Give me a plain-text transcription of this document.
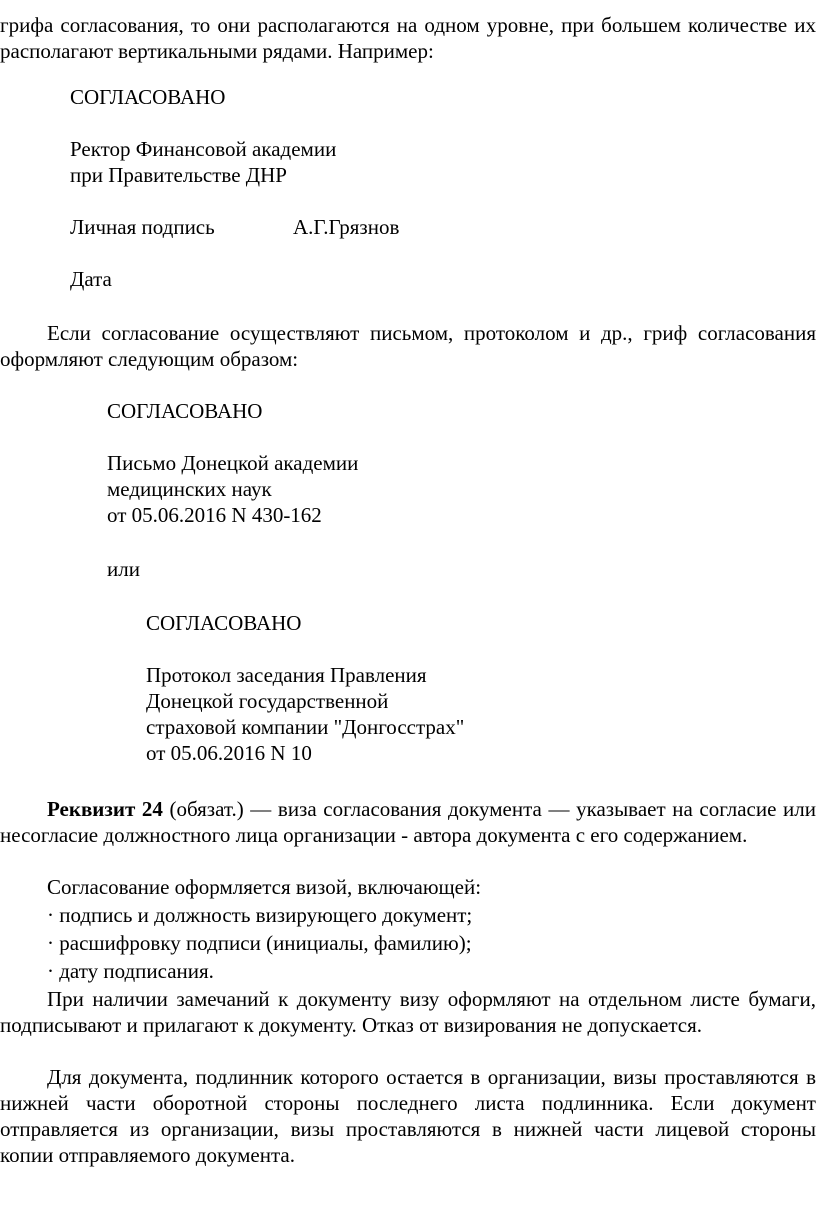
грифа согласования, то они располагаются на одном уровне, при большем количестве их располагают вертикальными рядами. Например:
СОГЛАСОВАНО
Ректор Финансовой академии
при Правительстве ДНР
Личная подпись	А.Г.Грязнов
Дата
Если согласование осуществляют письмом, протоколом и др., гриф согласования оформляют следующим образом:
СОГЛАСОВАНО
Письмо Донецкой академии
медицинских наук
от 05.06.2016 N 430-162
или
СОГЛАСОВАНО
Протокол заседания Правления
Донецкой государственной
страховой компании "Донгосстрах"
от 05.06.2016 N 10
Реквизит 24 (обязат.) — виза согласования документа — указывает на согласие или несогласие должностного лица организации - автора документа с его содержанием.
Согласование оформляется визой, включающей:
· подпись и должность визирующего документ;
· расшифровку подписи (инициалы, фамилию);
· дату подписания.
При наличии замечаний к документу визу оформляют на отдельном листе бумаги, подписывают и прилагают к документу. Отказ от визирования не допускается.
Для документа, подлинник которого остается в организации, визы проставляются в нижней части оборотной стороны последнего листа подлинника. Если документ отправляется из организации, визы проставляются в нижней части лицевой стороны копии отправляемого документа.
